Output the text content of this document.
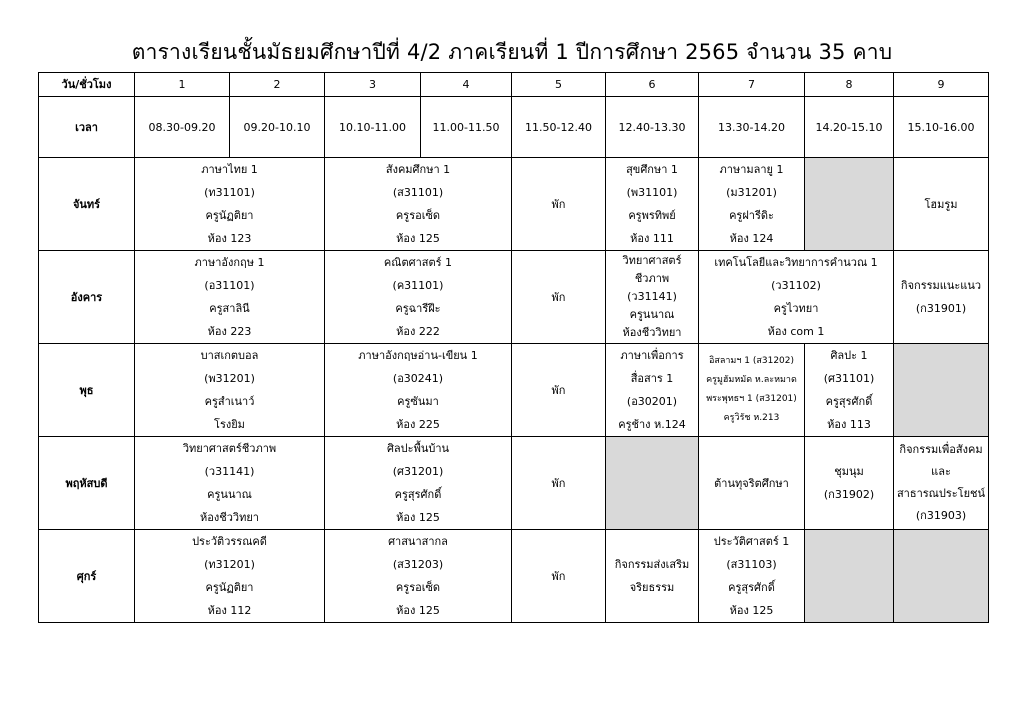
ตารางเรียนชั้นมัธยมศึกษาปีที่ 4/2 ภาคเรียนที่ 1 ปีการศึกษา 2565 จำนวน 35 คาบ
วัน/ชั่วโมง	1	2	3	4	5	6	7	8	9
เวลา	08.30-09.20	09.20-10.10	10.10-11.00	11.00-11.50	11.50-12.40	12.40-13.30	13.30-14.20	14.20-15.10	15.10-16.00
จันทร์	ภาษาไทย 1
(ท31101)
ครูนัฏติยา
ห้อง 123		สังคมศึกษา 1
(ส31101)
ครูรอเซ็ด
ห้อง 125		พัก	สุขศึกษา 1
(พ31101)
ครูพรทิพย์
ห้อง 111	ภาษามลายู 1
(ม31201)
ครูฝารีดิะ
ห้อง 124		โฮมรูม
อังคาร	ภาษาอังกฤษ 1
(อ31101)
ครูสาลินี
ห้อง 223		คณิตศาสตร์ 1
(ค31101)
ครูฉารีฝีะ
ห้อง 222		พัก	วิทยาศาสตร์
ชีวภาพ
(ว31141)
ครูนนาณ
ห้องชีววิทยา	เทคโนโลยีและวิทยาการคำนวณ 1
(ว31102)
ครูไวทยา
ห้อง com 1		กิจกรรมแนะแนว
(ก31901)

พุธ	บาสเกตบอล
(พ31201)
ครูสำเนาว์
โรงยิม		ภาษาอังกฤษอ่าน-เขียน 1
(อ30241)
ครูซันมา
ห้อง 225		พัก	ภาษาเพื่อการ
สื่อสาร 1
(อ30201)
ครูช้าง ห.124	อิสลามฯ 1 (ส31202)
ครูมูฮัมหมัด ห.ละหมาด
พระพุทธฯ 1 (ส31201)
ครูวิรัช ห.213	ศิลปะ 1
(ศ31101)
ครูสุรศักดิ์
ห้อง 113	

พฤหัสบดี	วิทยาศาสตร์ชีวภาพ
(ว31141)
ครูนนาณ
ห้องชีววิทยา		ศิลปะพื้นบ้าน
(ศ31201)
ครูสุรศักดิ์
ห้อง 125		พัก		ต้านทุจริตศึกษา	ชุมนุม
(ก31902)	กิจกรรมเพื่อสังคม
และ
สาธารณประโยชน์
(ก31903)

ศุกร์	ประวัติวรรณคดี
(ท31201)
ครูนัฏติยา
ห้อง 112		ศาสนาสากล
(ส31203)
ครูรอเซ็ด
ห้อง 125		พัก	กิจกรรมส่งเสริม
จริยธรรม	ประวัติศาสตร์ 1
(ส31103)
ครูสุรศักดิ์
ห้อง 125		
